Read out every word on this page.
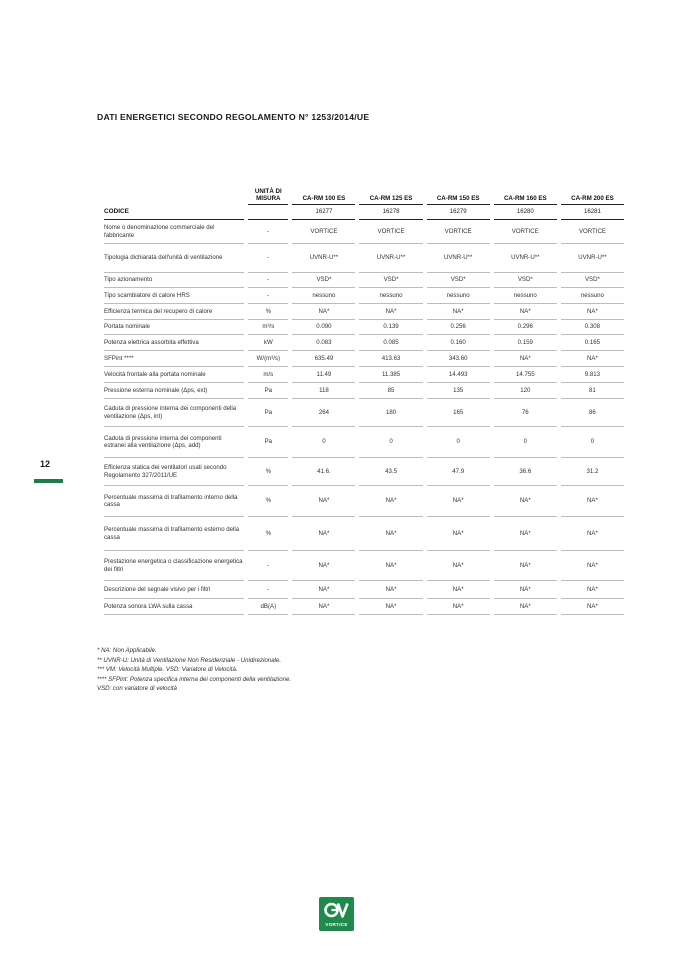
DATI ENERGETICI SECONDO REGOLAMENTO N° 1253/2014/UE
12
	UNITÀ DI MISURA	CA-RM 100 ES	CA-RM 125 ES	CA-RM 150 ES	CA-RM 160 ES	CA-RM 200 ES
CODICE		16277	16278	16279	16280	16281
Nome o denominazione commerciale del fabbricante	-	VORTICE	VORTICE	VORTICE	VORTICE	VORTICE
Tipologia dichiarata dell'unità di ventilazione	-	UVNR-U**	UVNR-U**	UVNR-U**	UVNR-U**	UVNR-U**
Tipo azionamento	-	VSD*	VSD*	VSD*	VSD*	VSD*
Tipo scambiatore di calore HRS	-	nessuno	nessuno	nessuno	nessuno	nessuno
Efficienza termica del recupero di calore	%	NA*	NA*	NA*	NA*	NA*
Portata nominale	m³/s	0.090	0.139	0.256	0.296	0.308
Potenza elettrica assorbita effettiva	kW	0.083	0.085	0.160	0.159	0.165
SFPint ****	W/(m³/s)	635.49	413.63	343.60	NA*	NA*
Velocità frontale alla portata nominale	m/s	11.49	11.385	14.493	14.755	9.813
Pressione esterna nominale (Δps, ext)	Pa	118	85	135	120	81
Caduta di pressione interna dei componenti della ventilazione (Δps, int)	Pa	264	180	165	76	86
Caduta di pressione interna dei componenti estranei alla ventilazione (Δps, add)	Pa	0	0	0	0	0
Efficienza statica dei ventilatori usati secondo Regolamento 327/2011/UE	%	41.6.	43.5	47.9	36.6	31.2
Percentuale massima di trafilamento interno della cassa	%	NA*	NA*	NA*	NA*	NA*
Percentuale massima di trafilamento esterno della cassa	%	NA*	NA*	NA*	NA*	NA*
Prestazione energetica o classificazione energetica dei filtri	-	NA*	NA*	NA*	NA*	NA*
Descrizione del segnale visivo per i filtri	-	NA*	NA*	NA*	NA*	NA*
Potenza sonora LWA sulla cassa	dB(A)	NA*	NA*	NA*	NA*	NA*
* NA: Non Applicabile.
** UVNR-U: Unità di Ventilazione Non Residenziale - Unidirezionale.
*** VM: Velocità Multiple. VSD: Variatore di Velocità.
**** SFPint: Potenza specifica interna dei componenti della ventilazione.
VSD: con variatore di velocità
VORTICE
